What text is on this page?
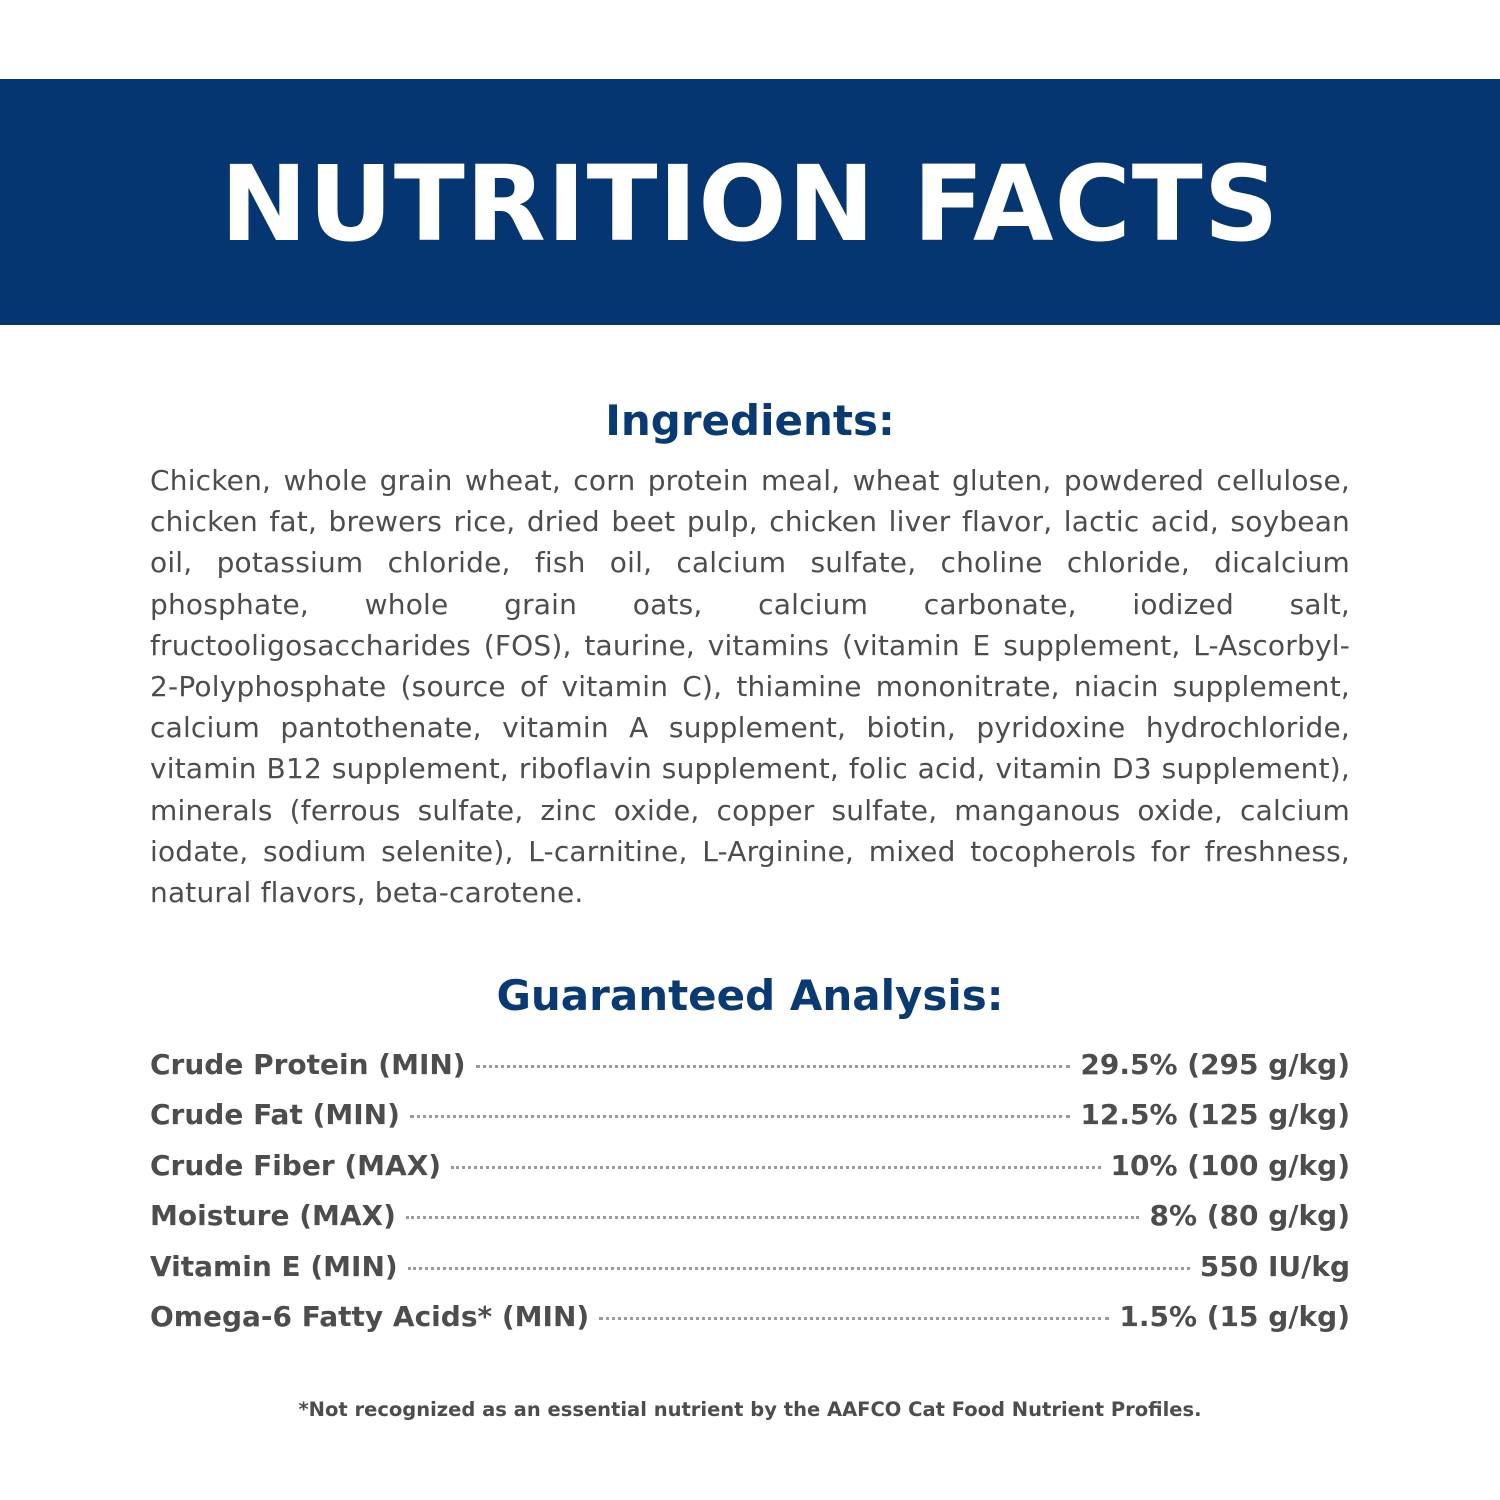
NUTRITION FACTS
Ingredients:
Chicken, whole grain wheat, corn protein meal, wheat gluten, powdered cellulose, chicken fat, brewers rice, dried beet pulp, chicken liver flavor, lactic acid, soybean oil, potassium chloride, fish oil, calcium sulfate, choline chloride, dicalcium phosphate, whole grain oats, calcium carbonate, iodized salt, fructooligosaccharides (FOS), taurine, vitamins (vitamin E supplement, L-Ascorbyl-2-Polyphosphate (source of vitamin C), thiamine mononitrate, niacin supplement, calcium pantothenate, vitamin A supplement, biotin, pyridoxine hydrochloride, vitamin B12 supplement, riboflavin supplement, folic acid, vitamin D3 supplement), minerals (ferrous sulfate, zinc oxide, copper sulfate, manganous oxide, calcium iodate, sodium selenite), L-carnitine, L-Arginine, mixed tocopherols for freshness, natural flavors, beta-carotene.
Guaranteed Analysis:
Crude Protein (MIN)	29.5% (295 g/kg)
Crude Fat (MIN)	12.5% (125 g/kg)
Crude Fiber (MAX)	10% (100 g/kg)
Moisture (MAX)	8% (80 g/kg)
Vitamin E (MIN)	550 IU/kg
Omega-6 Fatty Acids* (MIN)	1.5% (15 g/kg)
*Not recognized as an essential nutrient by the AAFCO Cat Food Nutrient Profiles.
